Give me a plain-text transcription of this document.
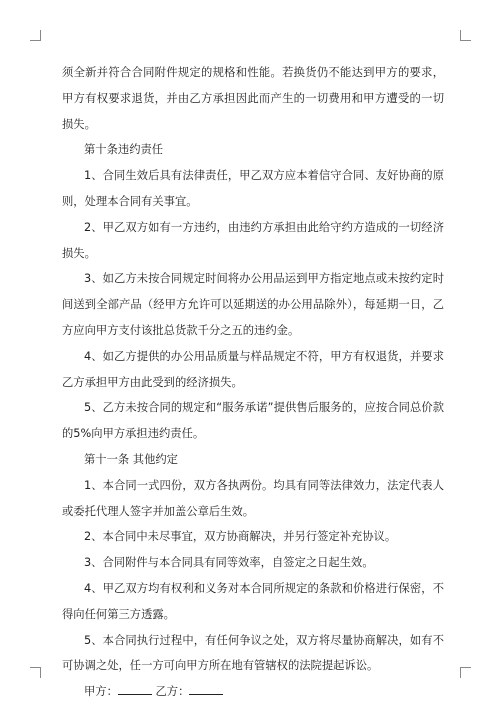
须全新并符合合同附件规定的规格和性能。若换货仍不能达到甲方的要求，甲方有权要求退货，并由乙方承担因此而产生的一切费用和甲方遭受的一切损失。

第十条违约责任

1、合同生效后具有法律责任，甲乙双方应本着信守合同、友好协商的原则，处理本合同有关事宜。

2、甲乙双方如有一方违约，由违约方承担由此给守约方造成的一切经济损失。

3、如乙方未按合同规定时间将办公用品运到甲方指定地点或未按约定时间送到全部产品（经甲方允许可以延期送的办公用品除外），每延期一日，乙方应向甲方支付该批总货款千分之五的违约金。

4、如乙方提供的办公用品质量与样品规定不符，甲方有权退货，并要求乙方承担甲方由此受到的经济损失。

5、乙方未按合同的规定和“服务承诺”提供售后服务的，应按合同总价款的5%向甲方承担违约责任。

第十一条 其他约定

1、本合同一式四份，双方各执两份。均具有同等法律效力，法定代表人或委托代理人签字并加盖公章后生效。

2、本合同中未尽事宜，双方协商解决，并另行签定补充协议。

3、合同附件与本合同具有同等效率，自签定之日起生效。

4、甲乙双方均有权利和义务对本合同所规定的条款和价格进行保密，不得向任何第三方透露。

5、本合同执行过程中，有任何争议之处，双方将尽量协商解决，如有不可协调之处，任一方可向甲方所在地有管辖权的法院提起诉讼。

甲方：	乙方：
